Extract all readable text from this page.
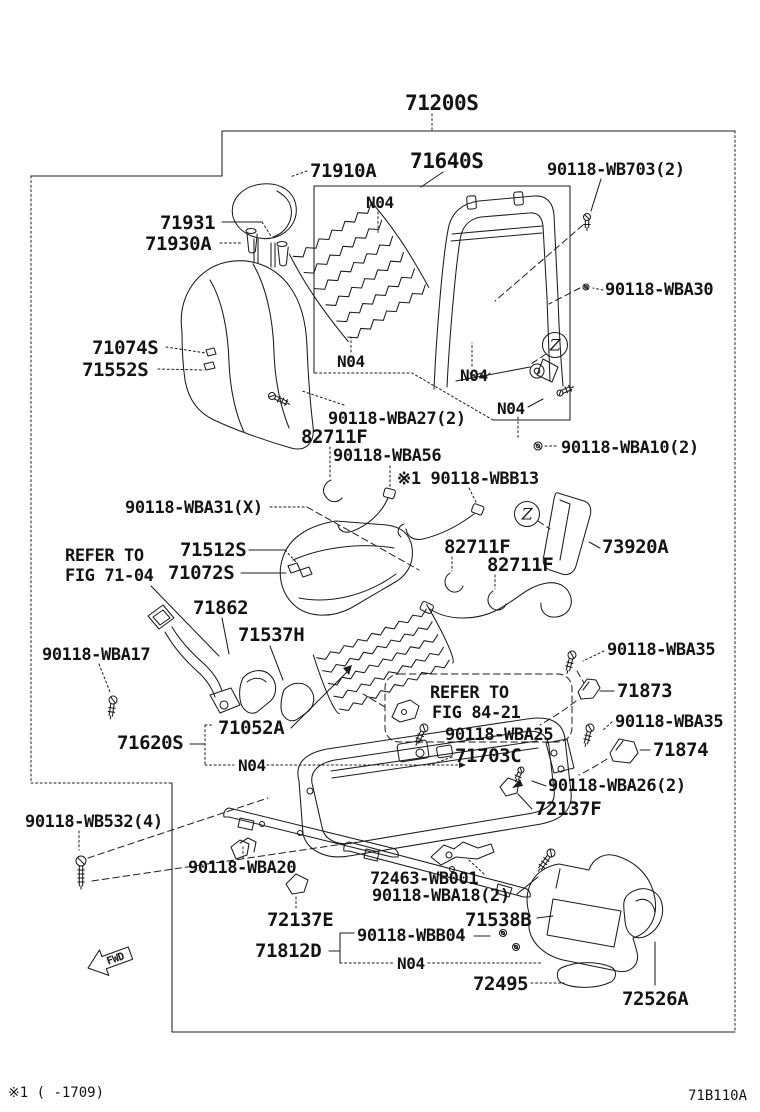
FWD
Z
Z
71200S
71910A 71640S	90118-WB703(2)
N04
90118-WBA30
71931
71930A
71074S
71552S	N04
N04
N04
90118-WBA27(2)
82711F
90118-WBA56
※1 90118-WBB13
90118-WBA10(2)
90118-WBA31(X)
71512S
REFER TO
FIG 71-04 71072S
71862
82711F
82711F
73920A
71537H
90118-WBA17	90118-WBA35
71873
REFER TO
FIG 84-21
90118-WBA25
90118-WBA35
71874
71703C
71052A
90118-WBA26(2)
71620S
72137F
N04
90118-WB532(4)
90118-WBA20
72463-WB001
90118-WBA18(2)
72137E	71538B
90118-WBB04
71812D
N04
72495
72526A
※1 ( -1709)	71B110A
